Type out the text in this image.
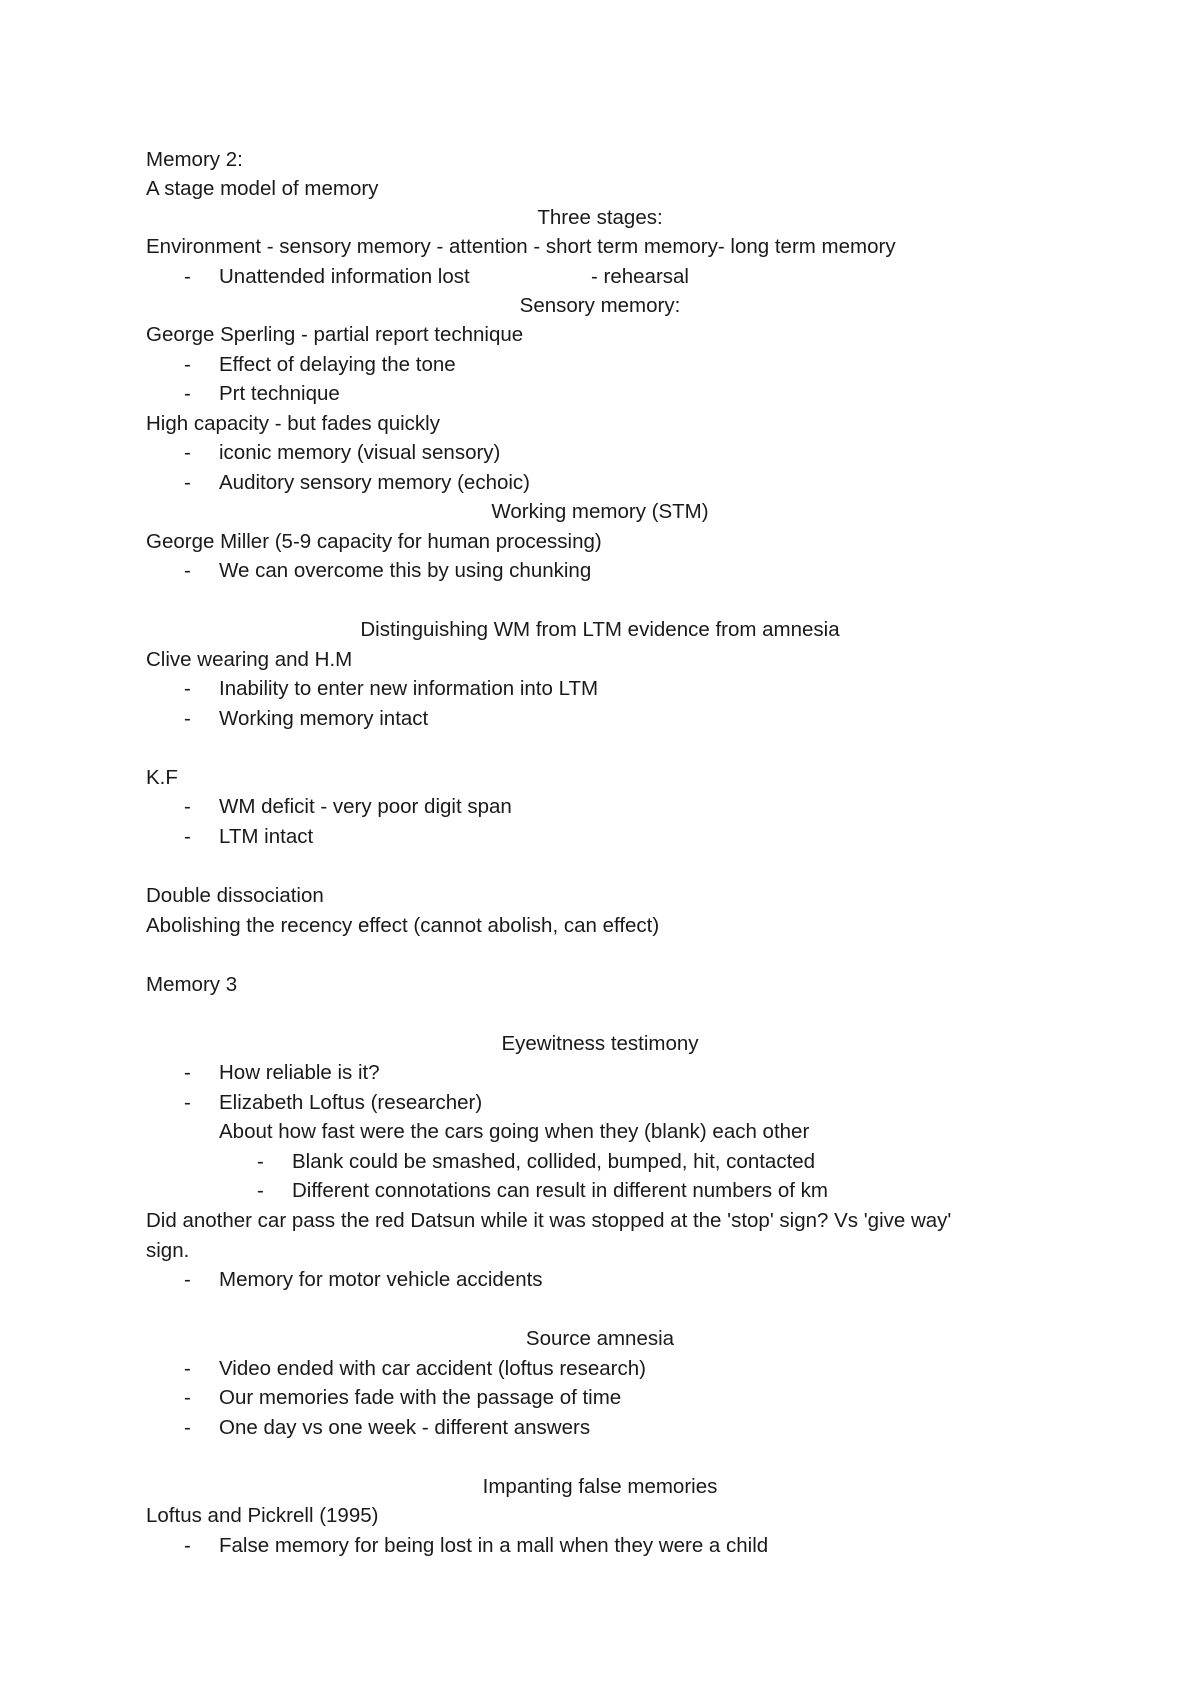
Memory 2:
A stage model of memory
Three stages:
Environment - sensory memory - attention - short term memory- long term memory
- Unattended information lost	- rehearsal
Sensory memory:
George Sperling - partial report technique
- Effect of delaying the tone
- Prt technique
High capacity - but fades quickly
- iconic memory (visual sensory)
- Auditory sensory memory (echoic)
Working memory (STM)
George Miller (5-9 capacity for human processing)
- We can overcome this by using chunking
Distinguishing WM from LTM evidence from amnesia
Clive wearing and H.M
- Inability to enter new information into LTM
- Working memory intact
K.F
- WM deficit - very poor digit span
- LTM intact
Double dissociation
Abolishing the recency effect (cannot abolish, can effect)
Memory 3
Eyewitness testimony
- How reliable is it?
- Elizabeth Loftus (researcher)
About how fast were the cars going when they (blank) each other
- Blank could be smashed, collided, bumped, hit, contacted
- Different connotations can result in different numbers of km
Did another car pass the red Datsun while it was stopped at the 'stop' sign? Vs 'give way'
sign.
- Memory for motor vehicle accidents
Source amnesia
- Video ended with car accident (loftus research)
- Our memories fade with the passage of time
- One day vs one week - different answers
Impanting false memories
Loftus and Pickrell (1995)
- False memory for being lost in a mall when they were a child
